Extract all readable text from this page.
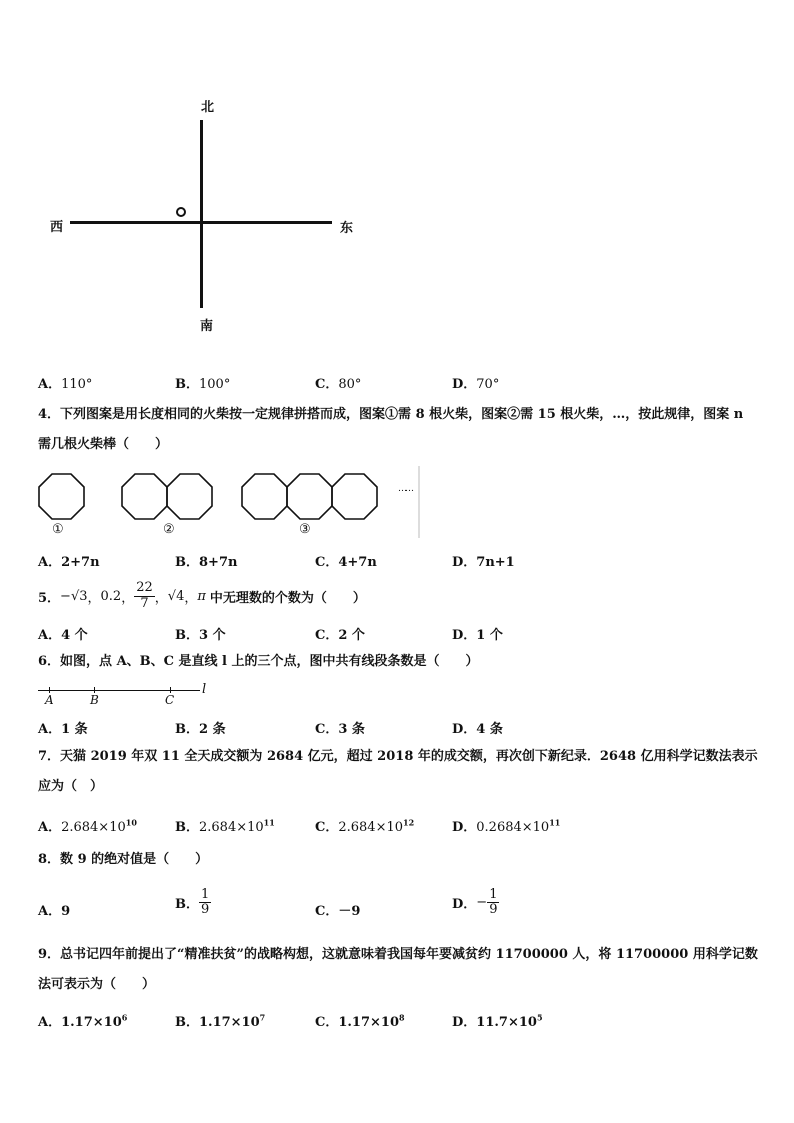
北
西	东
南
A．110°	B．100°	C．80°	D．70°
4．下列图案是用长度相同的火柴按一定规律拼搭而成，图案①需 8 根火柴，图案②需 15 根火柴，…，按此规律，图案 n 需几根火柴棒（　　）
①	②	③
……
A．2+7n	B．8+7n	C．4+7n	D．7n+1
5． −√3 ， 0.2 ， $\frac{22}{7}$ ， √4 ， π 中无理数的个数为（　　）
A．4 个	B．3 个	C．2 个	D．1 个
6．如图，点 A、B、C 是直线 l 上的三个点，图中共有线段条数是（　　）
A	B	C
l
A．1 条	B．2 条	C．3 条	D．4 条
7．天猫 2019 年双 11 全天成交额为 2684 亿元，超过 2018 年的成交额，再次创下新纪录．2648 亿用科学记数法表示应为（　）
A．$2.684\times 10^{10}$	B．$2.684\times 10^{11}$	C．$2.684\times 10^{12}$	D．$0.2684\times 10^{11}$
8．数 9 的绝对值是（　　）
A．9	B． $\frac{1}{9}$	C．－9	D． − $\frac{1}{9}$
9．总书记四年前提出了“精准扶贫”的战略构想，这就意味着我国每年要减贫约 11700000 人，将 11700000 用科学记数法可表示为（　　）
A．$1.17\times 10^6$	B．$1.17\times 10^7$	C．$1.17\times 10^8$	D．$11.7\times 10^5$
